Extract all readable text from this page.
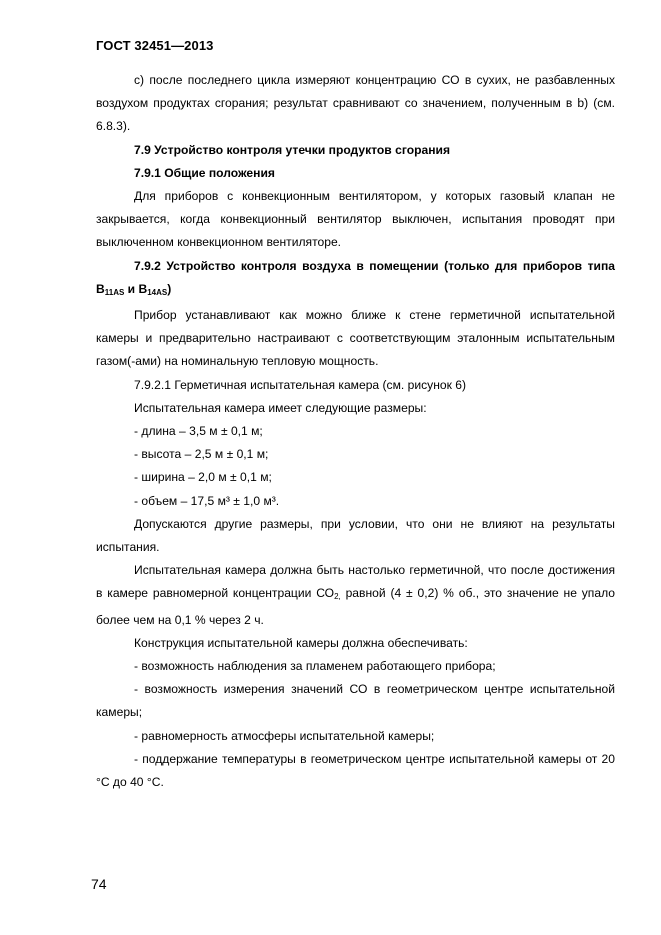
ГОСТ 32451—2013

с) после последнего цикла измеряют концентрацию СО в сухих, не разбавленных воздухом продуктах сгорания; результат сравнивают со значением, полученным в b) (см. 6.8.3).

7.9 Устройство контроля утечки продуктов сгорания

7.9.1 Общие положения

Для приборов с конвекционным вентилятором, у которых газовый клапан не закрывается, когда конвекционный вентилятор выключен, испытания проводят при выключенном конвекционном вентиляторе.

7.9.2 Устройство контроля воздуха в помещении (только для приборов типа $В_{11AS}$ и $В_{14AS}$)

Прибор устанавливают как можно ближе к стене герметичной испытательной камеры и предварительно настраивают с соответствующим эталонным испытательным газом(-ами) на номинальную тепловую мощность.

7.9.2.1 Герметичная испытательная камера (см. рисунок 6)

Испытательная камера имеет следующие размеры:

- длина – 3,5 м ± 0,1 м;

- высота – 2,5 м ± 0,1 м;

- ширина – 2,0 м ± 0,1 м;

- объем – 17,5 м³ ± 1,0 м³.

Допускаются другие размеры, при условии, что они не влияют на результаты испытания.

Испытательная камера должна быть настолько герметичной, что после достижения в камере равномерной концентрации $СО_{2,}$ равной (4 ± 0,2) % об., это значение не упало более чем на 0,1 % через 2 ч.

Конструкция испытательной камеры должна обеспечивать:

- возможность наблюдения за пламенем работающего прибора;

- возможность измерения значений СО в геометрическом центре испытательной камеры;

- равномерность атмосферы испытательной камеры;

- поддержание температуры в геометрическом центре испытательной камеры от 20 °С до 40 °С.

74
